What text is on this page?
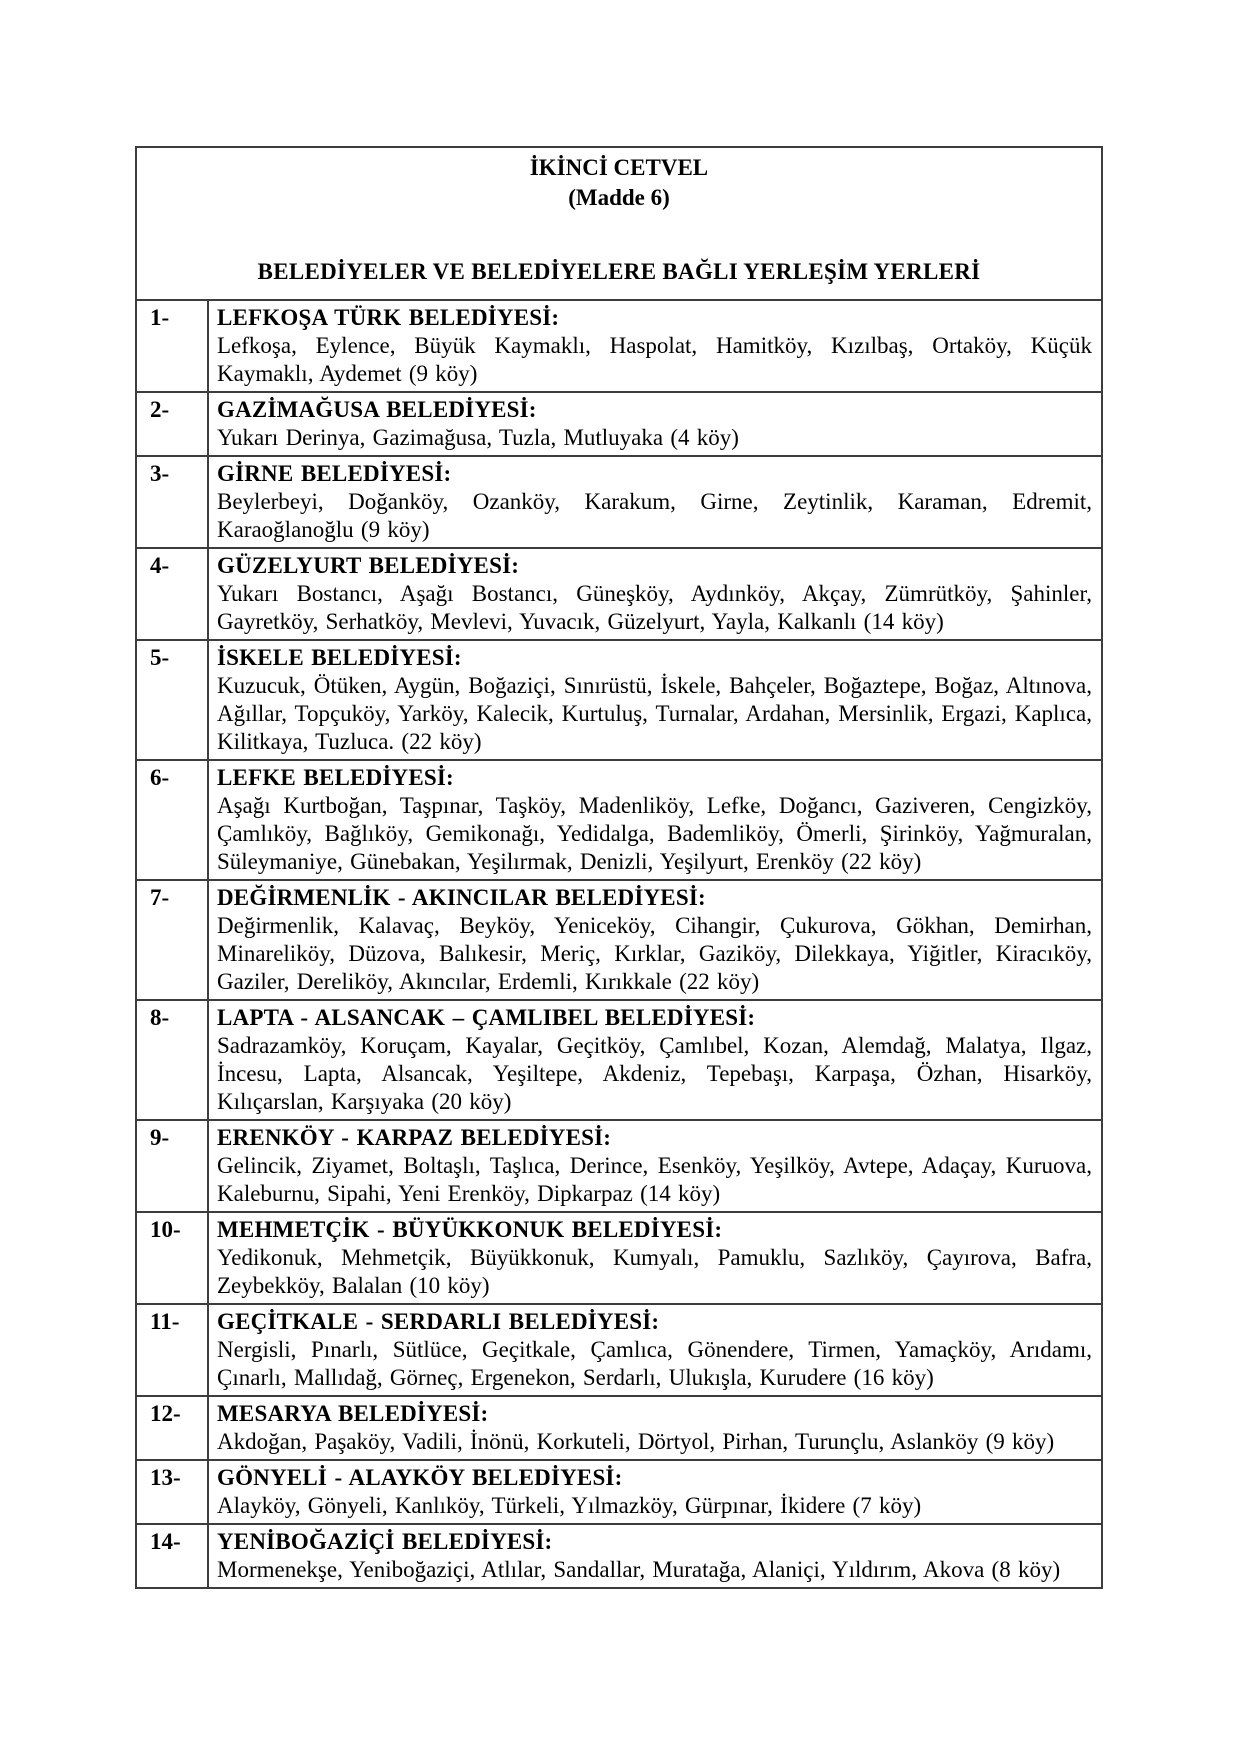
İKİNCİ CETVEL
(Madde 6)
BELEDİYELER VE BELEDİYELERE BAĞLI YERLEŞİM YERLERİ	

1-	LEFKOŞA TÜRK BELEDİYESİ:
Lefkoşa, Eylence, Büyük Kaymaklı, Haspolat, Hamitköy, Kızılbaş, Ortaköy, Küçük Kaymaklı, Aydemet (9 köy)

2-	GAZİMAĞUSA BELEDİYESİ:
Yukarı Derinya, Gazimağusa, Tuzla, Mutluyaka (4 köy)

3-	GİRNE BELEDİYESİ:
Beylerbeyi, Doğanköy, Ozanköy, Karakum, Girne, Zeytinlik, Karaman, Edremit, Karaoğlanoğlu (9 köy)

4-	GÜZELYURT BELEDİYESİ:
Yukarı Bostancı, Aşağı Bostancı, Güneşköy, Aydınköy, Akçay, Zümrütköy, Şahinler, Gayretköy, Serhatköy, Mevlevi, Yuvacık, Güzelyurt, Yayla, Kalkanlı (14 köy)

5-	İSKELE BELEDİYESİ:
Kuzucuk, Ötüken, Aygün, Boğaziçi, Sınırüstü, İskele, Bahçeler, Boğaztepe, Boğaz, Altınova, Ağıllar, Topçuköy, Yarköy, Kalecik, Kurtuluş, Turnalar, Ardahan, Mersinlik, Ergazi, Kaplıca, Kilitkaya, Tuzluca. (22 köy)

6-	LEFKE BELEDİYESİ:
Aşağı Kurtboğan, Taşpınar, Taşköy, Madenliköy, Lefke, Doğancı, Gaziveren, Cengizköy, Çamlıköy, Bağlıköy, Gemikonağı, Yedidalga, Bademliköy, Ömerli, Şirinköy, Yağmuralan, Süleymaniye, Günebakan, Yeşilırmak, Denizli, Yeşilyurt, Erenköy (22 köy)

7-	DEĞİRMENLİK - AKINCILAR BELEDİYESİ:
Değirmenlik, Kalavaç, Beyköy, Yeniceköy, Cihangir, Çukurova, Gökhan, Demirhan, Minareliköy, Düzova, Balıkesir, Meriç, Kırklar, Gaziköy, Dilekkaya, Yiğitler, Kiracıköy, Gaziler, Dereliköy, Akıncılar, Erdemli, Kırıkkale (22 köy)

8-	LAPTA - ALSANCAK – ÇAMLIBEL BELEDİYESİ:
Sadrazamköy, Koruçam, Kayalar, Geçitköy, Çamlıbel, Kozan, Alemdağ, Malatya, Ilgaz, İncesu, Lapta, Alsancak, Yeşiltepe, Akdeniz, Tepebaşı, Karpaşa, Özhan, Hisarköy, Kılıçarslan, Karşıyaka (20 köy)

9-	ERENKÖY - KARPAZ BELEDİYESİ:
Gelincik, Ziyamet, Boltaşlı, Taşlıca, Derince, Esenköy, Yeşilköy, Avtepe, Adaçay, Kuruova, Kaleburnu, Sipahi, Yeni Erenköy, Dipkarpaz (14 köy)

10-	MEHMETÇİK - BÜYÜKKONUK BELEDİYESİ:
Yedikonuk, Mehmetçik, Büyükkonuk, Kumyalı, Pamuklu, Sazlıköy, Çayırova, Bafra, Zeybekköy, Balalan (10 köy)

11-	GEÇİTKALE - SERDARLI BELEDİYESİ:
Nergisli, Pınarlı, Sütlüce, Geçitkale, Çamlıca, Gönendere, Tirmen, Yamaçköy, Arıdamı, Çınarlı, Mallıdağ, Görneç, Ergenekon, Serdarlı, Ulukışla, Kurudere (16 köy)

12-	MESARYA BELEDİYESİ:
Akdoğan, Paşaköy, Vadili, İnönü, Korkuteli, Dörtyol, Pirhan, Turunçlu, Aslanköy (9 köy)

13-	GÖNYELİ - ALAYKÖY BELEDİYESİ:
Alayköy, Gönyeli, Kanlıköy, Türkeli, Yılmazköy, Gürpınar, İkidere (7 köy)

14-	YENİBOĞAZİÇİ BELEDİYESİ:
Mormenekşe, Yeniboğaziçi, Atlılar, Sandallar, Muratağa, Alaniçi, Yıldırım, Akova (8 köy)
